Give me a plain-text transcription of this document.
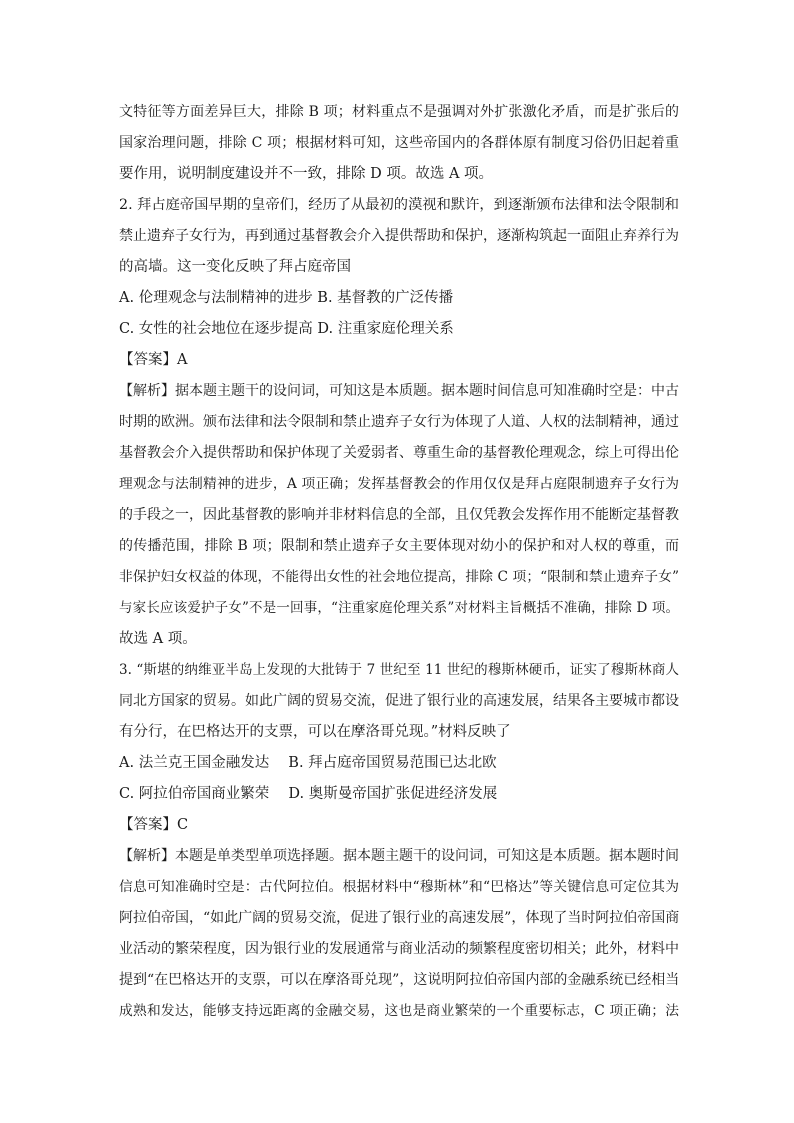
文特征等方面差异巨大，排除 B 项；材料重点不是强调对外扩张激化矛盾，而是扩张后的
国家治理问题，排除 C 项；根据材料可知，这些帝国内的各群体原有制度习俗仍旧起着重
要作用，说明制度建设并不一致，排除 D 项。故选 A 项。
2. 拜占庭帝国早期的皇帝们，经历了从最初的漠视和默许，到逐渐颁布法律和法令限制和
禁止遗弃子女行为，再到通过基督教会介入提供帮助和保护，逐渐构筑起一面阻止弃养行为
的高墙。这一变化反映了拜占庭帝国
A. 伦理观念与法制精神的进步 B. 基督教的广泛传播
C. 女性的社会地位在逐步提高 D. 注重家庭伦理关系
【答案】A
【解析】据本题主题干的设问词，可知这是本质题。据本题时间信息可知准确时空是：中古
时期的欧洲。颁布法律和法令限制和禁止遗弃子女行为体现了人道、人权的法制精神，通过
基督教会介入提供帮助和保护体现了关爱弱者、尊重生命的基督教伦理观念，综上可得出伦
理观念与法制精神的进步，A 项正确；发挥基督教会的作用仅仅是拜占庭限制遗弃子女行为
的手段之一，因此基督教的影响并非材料信息的全部，且仅凭教会发挥作用不能断定基督教
的传播范围，排除 B 项；限制和禁止遗弃子女主要体现对幼小的保护和对人权的尊重，而
非保护妇女权益的体现，不能得出女性的社会地位提高，排除 C 项；“限制和禁止遗弃子女”
与家长应该爱护子女”不是一回事，“注重家庭伦理关系”对材料主旨概括不准确，排除 D 项。
故选 A 项。
3. “斯堪的纳维亚半岛上发现的大批铸于 7 世纪至 11 世纪的穆斯林硬币，证实了穆斯林商人
同北方国家的贸易。如此广阔的贸易交流，促进了银行业的高速发展，结果各主要城市都设
有分行，在巴格达开的支票，可以在摩洛哥兑现。”材料反映了
A. 法兰克王国金融发达　 B. 拜占庭帝国贸易范围已达北欧
C. 阿拉伯帝国商业繁荣　 D. 奥斯曼帝国扩张促进经济发展
【答案】C
【解析】本题是单类型单项选择题。据本题主题干的设问词，可知这是本质题。据本题时间
信息可知准确时空是：古代阿拉伯。根据材料中“穆斯林”和“巴格达”等关键信息可定位其为
阿拉伯帝国，“如此广阔的贸易交流，促进了银行业的高速发展”，体现了当时阿拉伯帝国商
业活动的繁荣程度，因为银行业的发展通常与商业活动的频繁程度密切相关；此外，材料中
提到“在巴格达开的支票，可以在摩洛哥兑现”，这说明阿拉伯帝国内部的金融系统已经相当
成熟和发达，能够支持远距离的金融交易，这也是商业繁荣的一个重要标志，C 项正确；法
